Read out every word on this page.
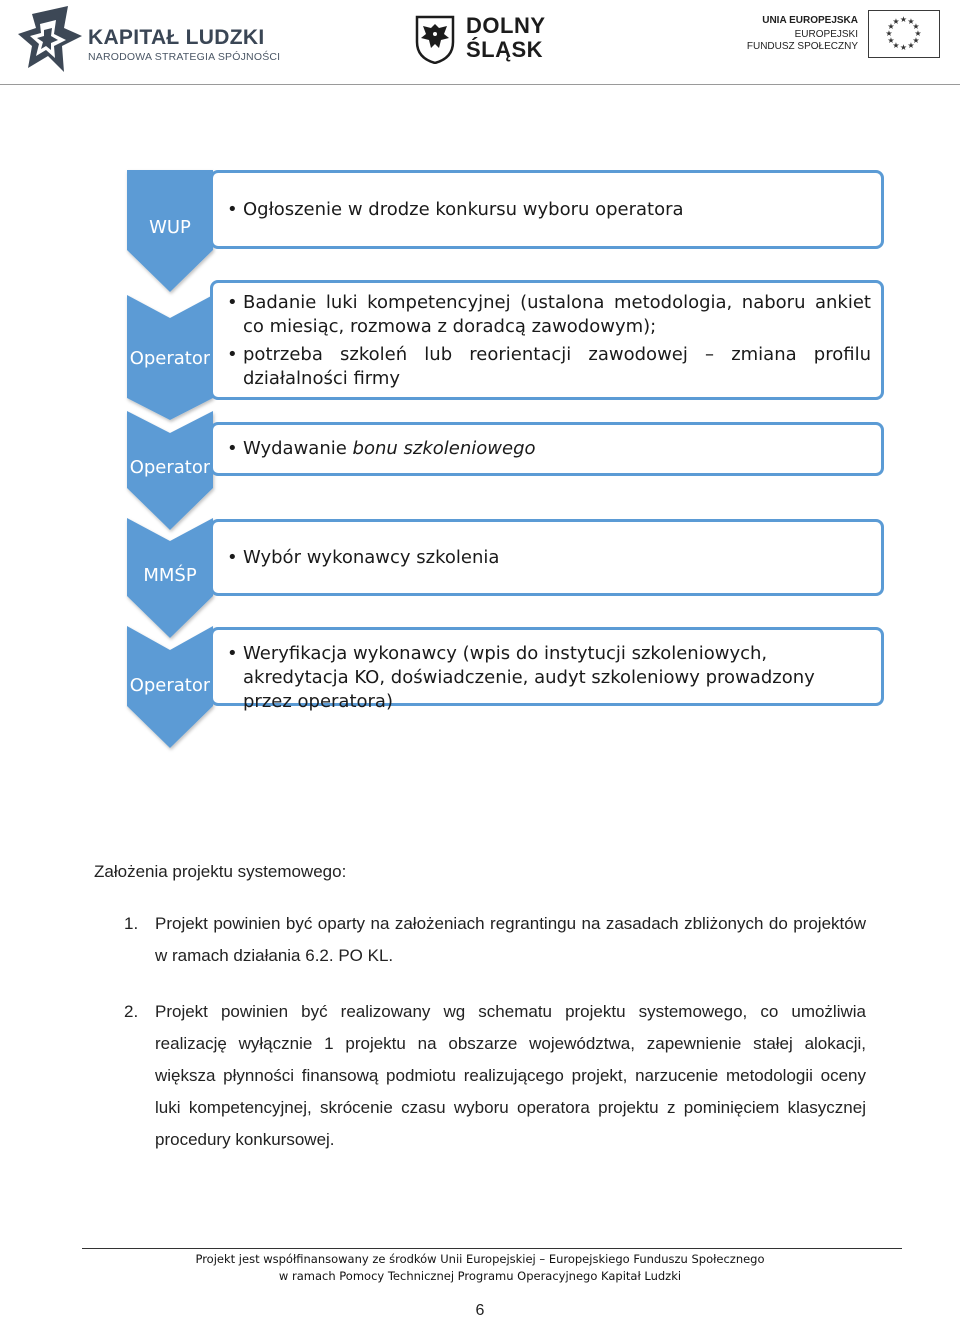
KAPITAŁ LUDZKI
NARODOWA STRATEGIA SPÓJNOŚCI
DOLNY
ŚLĄSK
UNIA EUROPEJSKA
EUROPEJSKI
FUNDUSZ SPOŁECZNY
★ ★
★
★
★
★
★
★
★
★
★
★
WUP
Operator
Operator
MMŚP
Operator
• Ogłoszenie w drodze konkursu wyboru operatora
• Badanie luki kompetencyjnej (ustalona metodologia, naboru ankiet co miesiąc, rozmowa z doradcą zawodowym);
• potrzeba szkoleń lub reorientacji zawodowej – zmiana profilu działalności firmy
• Wydawanie bonu szkoleniowego
• Wybór wykonawcy szkolenia
• Weryfikacja wykonawcy (wpis do instytucji szkoleniowych, akredytacja KO, doświadczenie, audyt szkoleniowy prowadzony przez operatora)

Założenia projektu systemowego:

1. Projekt powinien być oparty na założeniach regrantingu na zasadach zbliżonych do projektów w ramach działania 6.2. PO KL.
2. Projekt powinien być realizowany wg schematu projektu systemowego, co umożliwia realizację wyłącznie 1 projektu na obszarze województwa, zapewnienie stałej alokacji, większa płynności finansową podmiotu realizującego projekt, narzucenie metodologii oceny luki kompetencyjnej, skrócenie czasu wyboru operatora projektu z pominięciem klasycznej procedury konkursowej.
Projekt jest współfinansowany ze środków Unii Europejskiej – Europejskiego Funduszu Społecznego
w ramach Pomocy Technicznej Programu Operacyjnego Kapitał Ludzki
6
